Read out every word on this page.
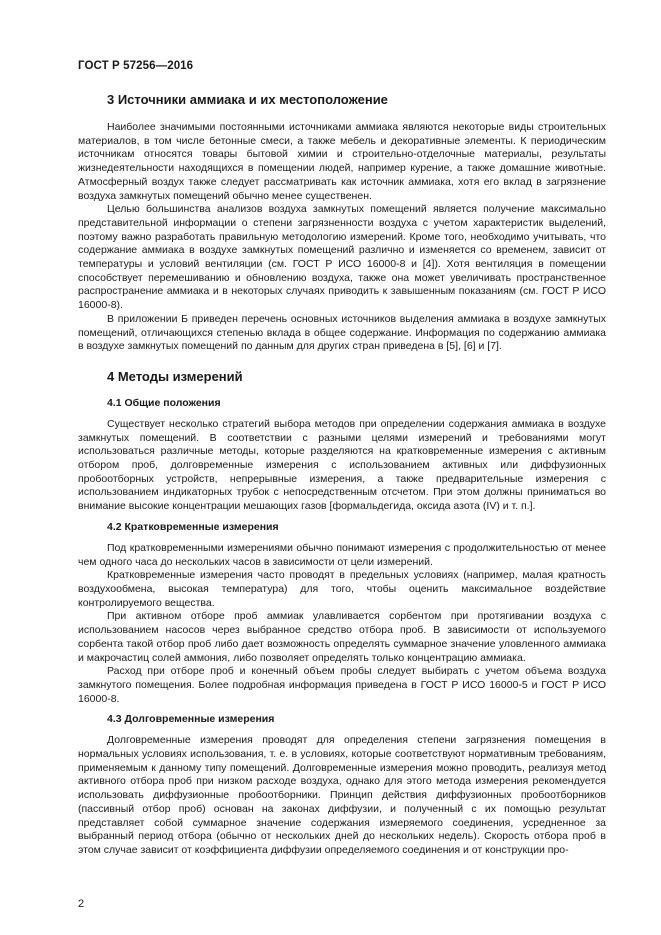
ГОСТ Р 57256—2016
3 Источники аммиака и их местоположение

Наиболее значимыми постоянными источниками аммиака являются некоторые виды строительных материалов, в том числе бетонные смеси, а также мебель и декоративные элементы. К периодическим источникам относятся товары бытовой химии и строительно-отделочные материалы, результаты жизнедеятельности находящихся в помещении людей, например курение, а также домашние животные. Атмосферный воздух также следует рассматривать как источник аммиака, хотя его вклад в загрязнение воздуха замкнутых помещений обычно менее существенен.

Целью большинства анализов воздуха замкнутых помещений является получение максимально представительной информации о степени загрязненности воздуха с учетом характеристик выделений, поэтому важно разработать правильную методологию измерений. Кроме того, необходимо учитывать, что содержание аммиака в воздухе замкнутых помещений различно и изменяется со временем, зависит от температуры и условий вентиляции (см. ГОСТ Р ИСО 16000-8 и [4]). Хотя вентиляция в помещении способствует перемешиванию и обновлению воздуха, также она может увеличивать пространственное распространение аммиака и в некоторых случаях приводить к завышенным показаниям (см. ГОСТ Р ИСО 16000-8).

В приложении Б приведен перечень основных источников выделения аммиака в воздухе замкнутых помещений, отличающихся степенью вклада в общее содержание. Информация по содержанию аммиака в воздухе замкнутых помещений по данным для других стран приведена в [5], [6] и [7].

4 Методы измерений
4.1 Общие положения

Существует несколько стратегий выбора методов при определении содержания аммиака в воздухе замкнутых помещений. В соответствии с разными целями измерений и требованиями могут использоваться различные методы, которые разделяются на кратковременные измерения с активным отбором проб, долговременные измерения с использованием активных или диффузионных пробоотборных устройств, непрерывные измерения, а также предварительные измерения с использованием индикаторных трубок с непосредственным отсчетом. При этом должны приниматься во внимание высокие концентрации мешающих газов [формальдегида, оксида азота (IV) и т. п.].

4.2 Кратковременные измерения

Под кратковременными измерениями обычно понимают измерения с продолжительностью от менее чем одного часа до нескольких часов в зависимости от цели измерений.

Кратковременные измерения часто проводят в предельных условиях (например, малая кратность воздухообмена, высокая температура) для того, чтобы оценить максимальное воздействие контролируемого вещества.

При активном отборе проб аммиак улавливается сорбентом при протягивании воздуха с использованием насосов через выбранное средство отбора проб. В зависимости от используемого сорбента такой отбор проб либо дает возможность определять суммарное значение уловленного аммиака и макрочастиц солей аммония, либо позволяет определять только концентрацию аммиака.

Расход при отборе проб и конечный объем пробы следует выбирать с учетом объема воздуха замкнутого помещения. Более подробная информация приведена в ГОСТ Р ИСО 16000-5 и ГОСТ Р ИСО 16000-8.

4.3 Долговременные измерения

Долговременные измерения проводят для определения степени загрязнения помещения в нормальных условиях использования, т. е. в условиях, которые соответствуют нормативным требованиям, применяемым к данному типу помещений. Долговременные измерения можно проводить, реализуя метод активного отбора проб при низком расходе воздуха, однако для этого метода измерения рекомендуется использовать диффузионные пробоотборники. Принцип действия диффузионных пробоотборников (пассивный отбор проб) основан на законах диффузии, и полученный с их помощью результат представляет собой суммарное значение содержания измеряемого соединения, усредненное за выбранный период отбора (обычно от нескольких дней до нескольких недель). Скорость отбора проб в этом случае зависит от коэффициента диффузии определяемого соединения и от конструкции про-

2
